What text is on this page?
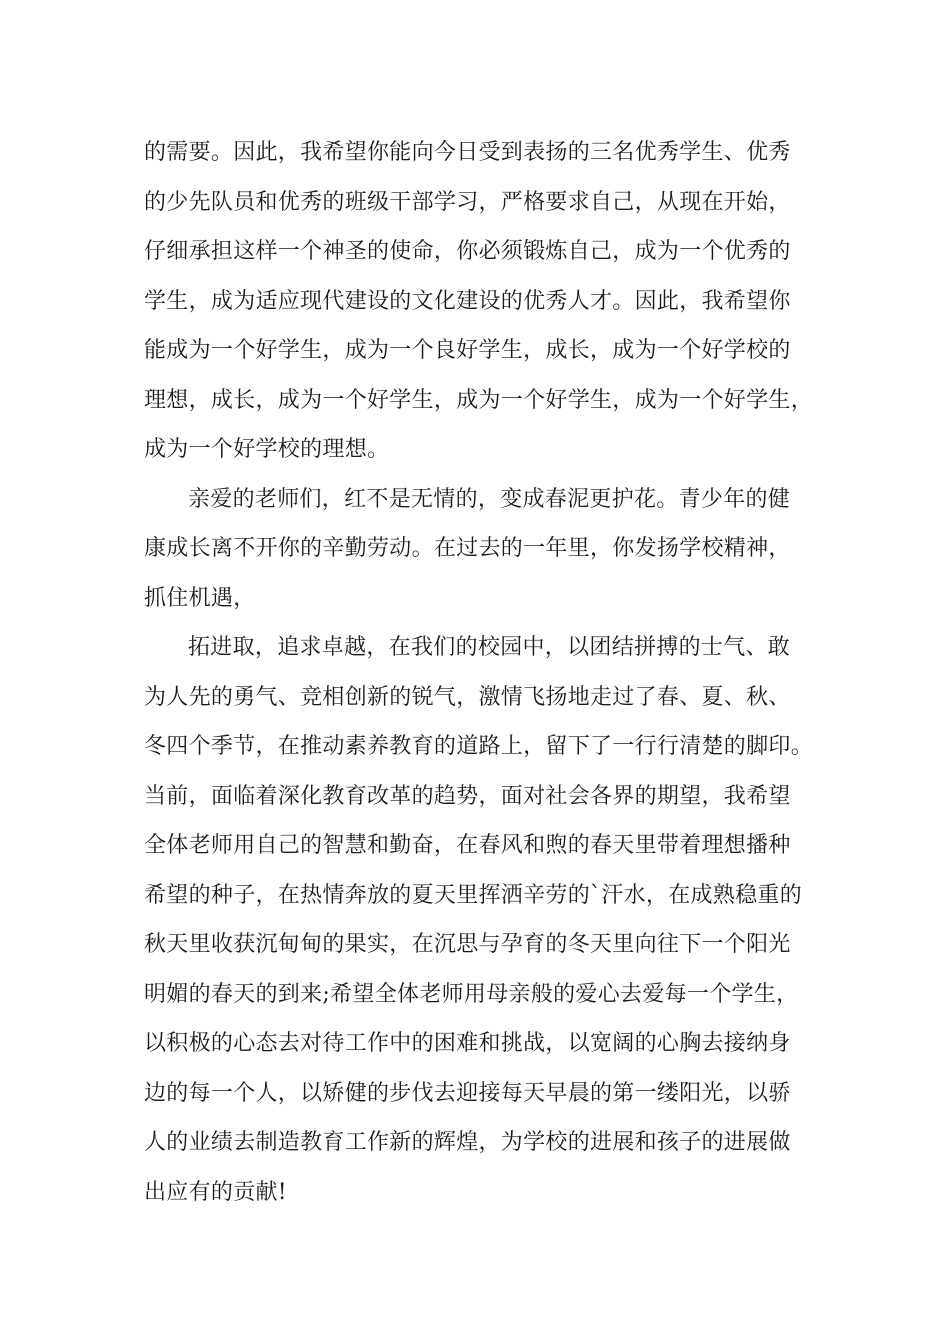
的需要。因此，我希望你能向今日受到表扬的三名优秀学生、优秀
的少先队员和优秀的班级干部学习，严格要求自己，从现在开始，
仔细承担这样一个神圣的使命，你必须锻炼自己，成为一个优秀的
学生，成为适应现代建设的文化建设的优秀人才。因此，我希望你
能成为一个好学生，成为一个良好学生，成长，成为一个好学校的
理想，成长，成为一个好学生，成为一个好学生，成为一个好学生，
成为一个好学校的理想。
亲爱的老师们，红不是无情的，变成春泥更护花。青少年的健
康成长离不开你的辛勤劳动。在过去的一年里，你发扬学校精神，
抓住机遇，
拓进取，追求卓越，在我们的校园中，以团结拼搏的士气、敢
为人先的勇气、竞相创新的锐气，激情飞扬地走过了春、夏、秋、
冬四个季节，在推动素养教育的道路上，留下了一行行清楚的脚印。
当前，面临着深化教育改革的趋势，面对社会各界的期望，我希望
全体老师用自己的智慧和勤奋，在春风和煦的春天里带着理想播种
希望的种子，在热情奔放的夏天里挥洒辛劳的`汗水，在成熟稳重的
秋天里收获沉甸甸的果实，在沉思与孕育的冬天里向往下一个阳光
明媚的春天的到来;希望全体老师用母亲般的爱心去爱每一个学生，
以积极的心态去对待工作中的困难和挑战，以宽阔的心胸去接纳身
边的每一个人，以矫健的步伐去迎接每天早晨的第一缕阳光，以骄
人的业绩去制造教育工作新的辉煌，为学校的进展和孩子的进展做
出应有的贡献!
